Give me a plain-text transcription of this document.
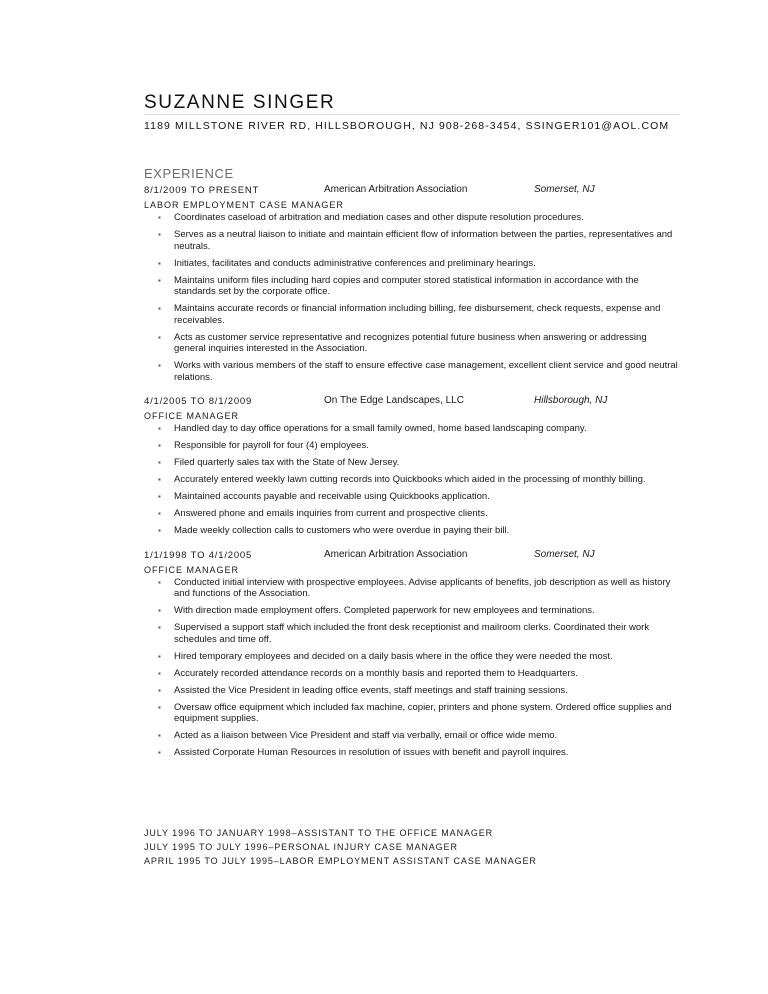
SUZANNE SINGER
1189 MILLSTONE RIVER RD, HILLSBOROUGH, NJ 908-268-3454, SSINGER101@AOL.COM
EXPERIENCE
8/1/2009 TO PRESENT	American Arbitration Association	Somerset, NJ
LABOR EMPLOYMENT CASE MANAGER
▪ Coordinates caseload of arbitration and mediation cases and other dispute resolution procedures.
▪ Serves as a neutral liaison to initiate and maintain efficient flow of information between the parties, representatives and neutrals.
▪ Initiates, facilitates and conducts administrative conferences and preliminary hearings.
▪ Maintains uniform files including hard copies and computer stored statistical information in accordance with the standards set by the corporate office.
▪ Maintains accurate records or financial information including billing, fee disbursement, check requests, expense and receivables.
▪ Acts as customer service representative and recognizes potential future business when answering or addressing general inquiries interested in the Association.
▪ Works with various members of the staff to ensure effective case management, excellent client service and good neutral relations.
4/1/2005 TO 8/1/2009	On The Edge Landscapes, LLC	Hillsborough, NJ
OFFICE MANAGER
▪ Handled day to day office operations for a small family owned, home based landscaping company.
▪ Responsible for payroll for four (4) employees.
▪ Filed quarterly sales tax with the State of New Jersey.
▪ Accurately entered weekly lawn cutting records into Quickbooks which aided in the processing of monthly billing.
▪ Maintained accounts payable and receivable using Quickbooks application.
▪ Answered phone and emails inquiries from current and prospective clients.
▪ Made weekly collection calls to customers who were overdue in paying their bill.
1/1/1998 TO 4/1/2005	American Arbitration Association	Somerset, NJ
OFFICE MANAGER
▪ Conducted initial interview with prospective employees. Advise applicants of benefits, job description as well as history and functions of the Association.
▪ With direction made employment offers. Completed paperwork for new employees and terminations.
▪ Supervised a support staff which included the front desk receptionist and mailroom clerks. Coordinated their work schedules and time off.
▪ Hired temporary employees and decided on a daily basis where in the office they were needed the most.
▪ Accurately recorded attendance records on a monthly basis and reported them to Headquarters.
▪ Assisted the Vice President in leading office events, staff meetings and staff training sessions.
▪ Oversaw office equipment which included fax machine, copier, printers and phone system. Ordered office supplies and equipment supplies.
▪ Acted as a liaison between Vice President and staff via verbally, email or office wide memo.
▪ Assisted Corporate Human Resources in resolution of issues with benefit and payroll inquires.
JULY 1996 TO JANUARY 1998–ASSISTANT TO THE OFFICE MANAGER
JULY 1995 TO JULY 1996–PERSONAL INJURY CASE MANAGER
APRIL 1995 TO JULY 1995–LABOR EMPLOYMENT ASSISTANT CASE MANAGER
